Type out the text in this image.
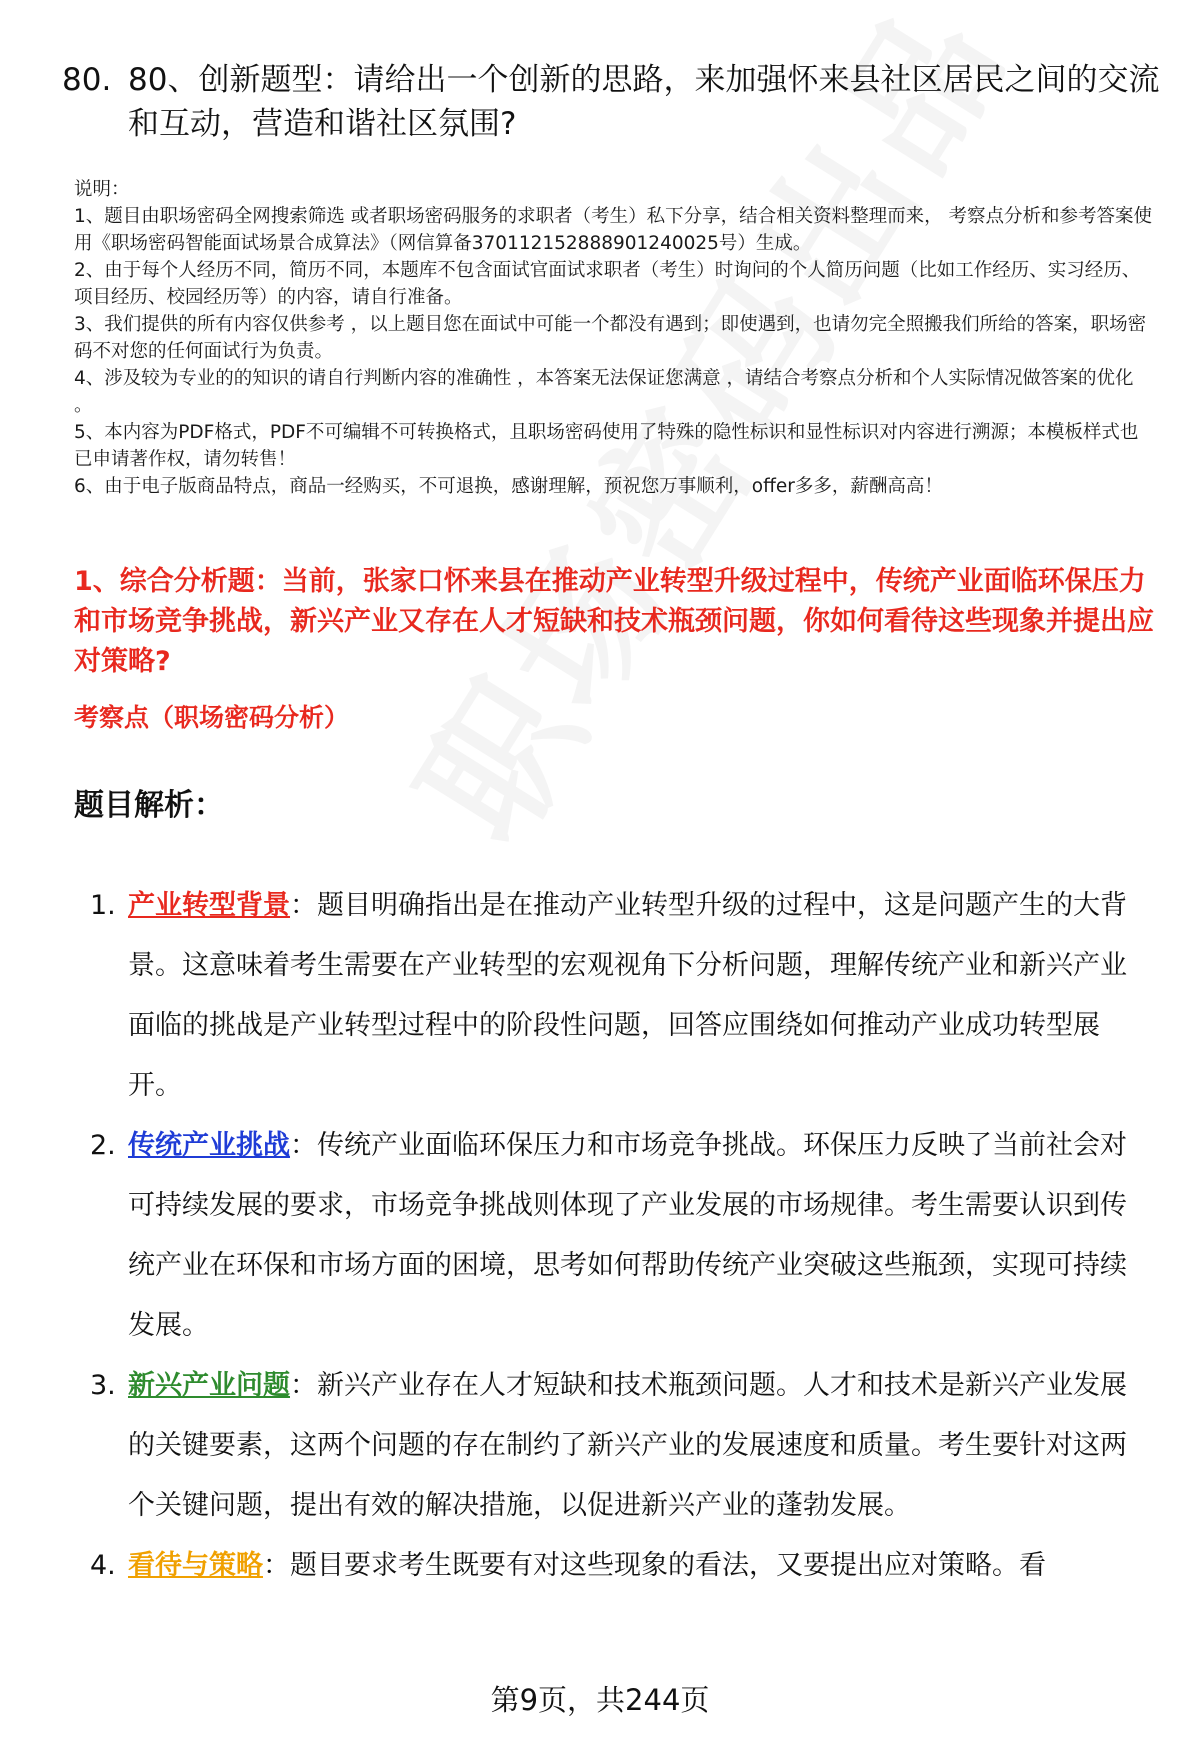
80. 80、创新题型：请给出一个创新的思路，来加强怀来县社区居民之间的交流和互动，营造和谐社区氛围?

说明：

1、题目由职场密码全网搜索筛选 或者职场密码服务的求职者（考生）私下分享，结合相关资料整理而来， 考察点分析和参考答案使用《职场密码智能面试场景合成算法》（网信算备370112152888901240025号）生成。

2、由于每个人经历不同，简历不同，本题库不包含面试官面试求职者（考生）时询问的个人简历问题（比如工作经历、实习经历、项目经历、校园经历等）的内容，请自行准备。

3、我们提供的所有内容仅供参考 ，以上题目您在面试中可能一个都没有遇到；即使遇到，也请勿完全照搬我们所给的答案，职场密码不对您的任何面试行为负责。

4、涉及较为专业的的知识的请自行判断内容的准确性 ，本答案无法保证您满意 ，请结合考察点分析和个人实际情况做答案的优化 。

5、本内容为PDF格式，PDF不可编辑不可转换格式，且职场密码使用了特殊的隐性标识和显性标识对内容进行溯源；本模板样式也已申请著作权，请勿转售！

6、由于电子版商品特点，商品一经购买，不可退换，感谢理解，预祝您万事顺利，offer多多，薪酬高高！

1、综合分析题：当前，张家口怀来县在推动产业转型升级过程中，传统产业面临环保压力和市场竞争挑战，新兴产业又存在人才短缺和技术瓶颈问题，你如何看待这些现象并提出应对策略?
考察点（职场密码分析）
题目解析：
1. 产业转型背景：题目明确指出是在推动产业转型升级的过程中，这是问题产生的大背景。这意味着考生需要在产业转型的宏观视角下分析问题，理解传统产业和新兴产业面临的挑战是产业转型过程中的阶段性问题，回答应围绕如何推动产业成功转型展开。
2. 传统产业挑战：传统产业面临环保压力和市场竞争挑战。环保压力反映了当前社会对可持续发展的要求，市场竞争挑战则体现了产业发展的市场规律。考生需要认识到传统产业在环保和市场方面的困境，思考如何帮助传统产业突破这些瓶颈，实现可持续发展。
3. 新兴产业问题：新兴产业存在人才短缺和技术瓶颈问题。人才和技术是新兴产业发展的关键要素，这两个问题的存在制约了新兴产业的发展速度和质量。考生要针对这两个关键问题，提出有效的解决措施，以促进新兴产业的蓬勃发展。
4. 看待与策略：题目要求考生既要有对这些现象的看法，又要提出应对策略。看
第9页，共244页
